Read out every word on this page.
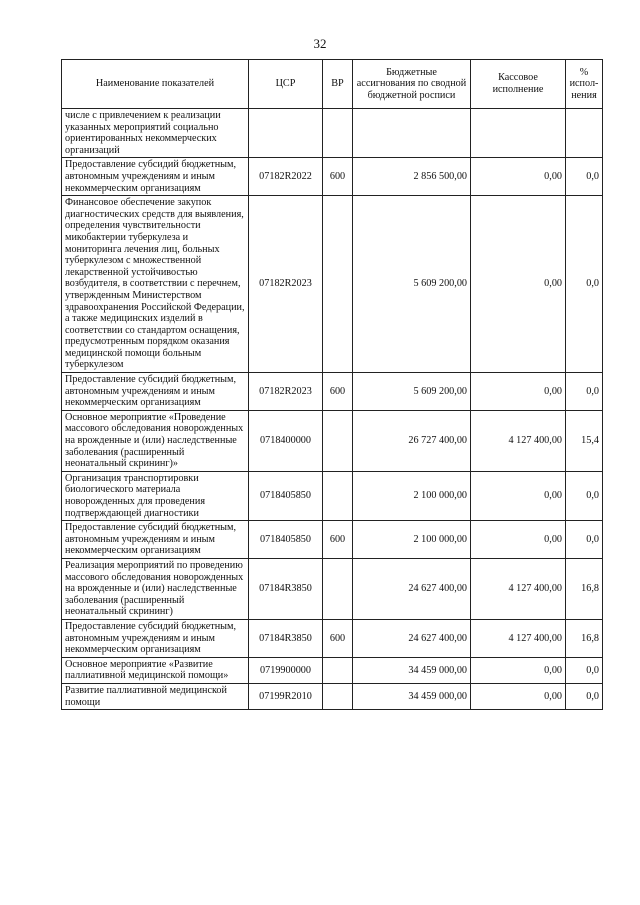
32
Наименование показателей	ЦСР	ВР	Бюджетные ассигнования по сводной бюджетной росписи	Кассовое исполнение	% испол-нения
числе с привлечением к реализации указанных мероприятий социально ориентированных некоммерческих организаций					
Предоставление субсидий бюджетным, автономным учреждениям и иным некоммерческим организациям	07182R2022	600	2 856 500,00	0,00	0,0
Финансовое обеспечение закупок диагностических средств для выявления, определения чувствительности микобактерии туберкулеза и мониторинга лечения лиц, больных туберкулезом с множественной лекарственной устойчивостью возбудителя, в соответствии с перечнем, утвержденным Министерством здравоохранения Российской Федерации, а также медицинских изделий в соответствии со стандартом оснащения, предусмотренным порядком оказания медицинской помощи больным туберкулезом	07182R2023		5 609 200,00	0,00	0,0
Предоставление субсидий бюджетным, автономным учреждениям и иным некоммерческим организациям	07182R2023	600	5 609 200,00	0,00	0,0
Основное мероприятие «Проведение массового обследования новорожденных на врожденные и (или) наследственные заболевания (расширенный неонатальный скрининг)»	0718400000		26 727 400,00	4 127 400,00	15,4
Организация транспортировки биологического материала новорожденных для проведения подтверждающей диагностики	0718405850		2 100 000,00	0,00	0,0
Предоставление субсидий бюджетным, автономным учреждениям и иным некоммерческим организациям	0718405850	600	2 100 000,00	0,00	0,0
Реализация мероприятий по проведению массового обследования новорожденных на врожденные и (или) наследственные заболевания (расширенный неонатальный скрининг)	07184R3850		24 627 400,00	4 127 400,00	16,8
Предоставление субсидий бюджетным, автономным учреждениям и иным некоммерческим организациям	07184R3850	600	24 627 400,00	4 127 400,00	16,8
Основное мероприятие «Развитие паллиативной медицинской помощи»	0719900000		34 459 000,00	0,00	0,0
Развитие паллиативной медицинской помощи	07199R2010		34 459 000,00	0,00	0,0
